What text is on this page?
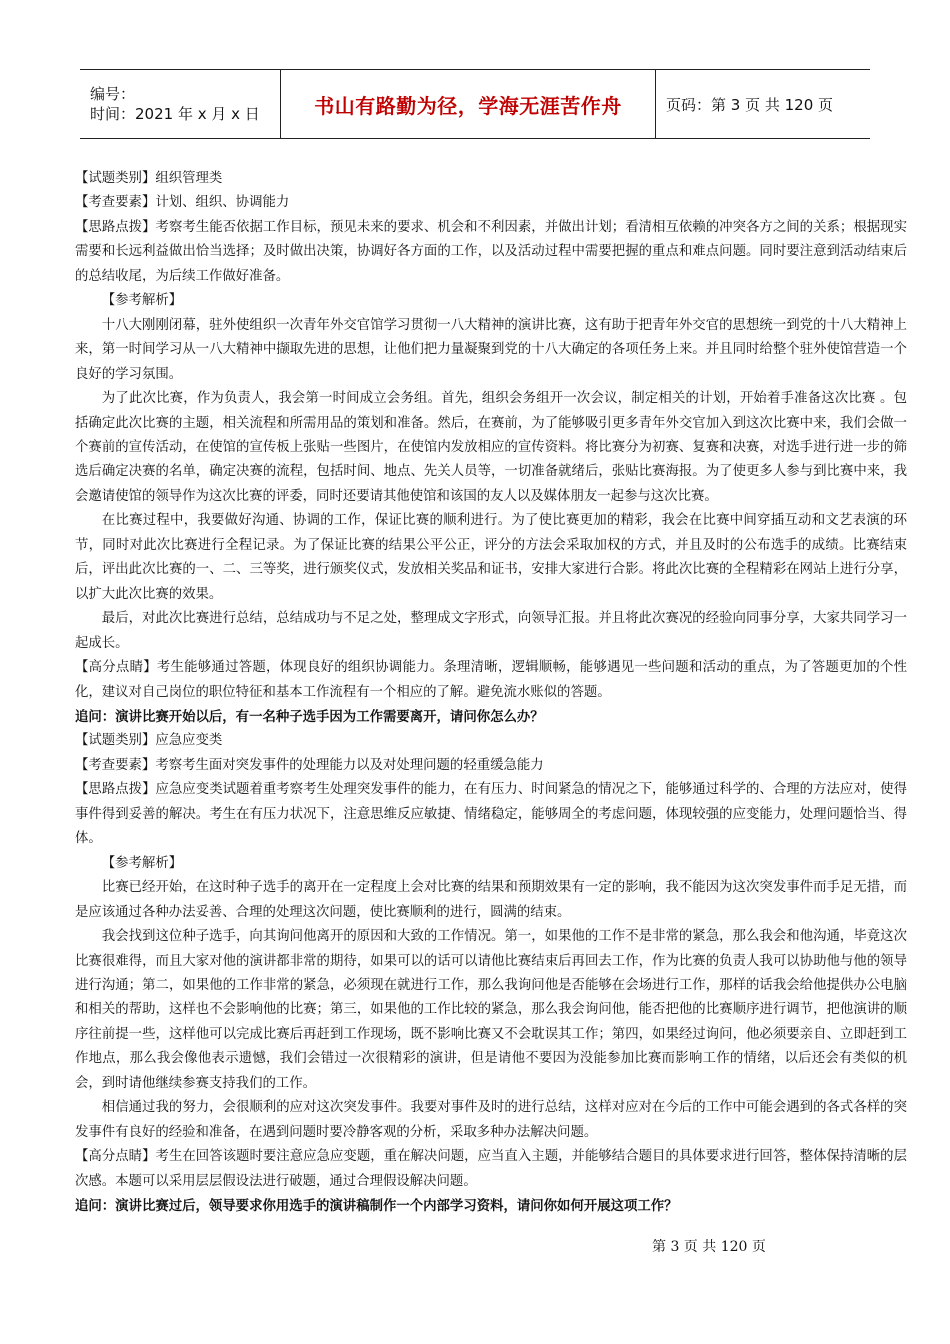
编号：
时间：2021 年 x 月 x 日	书山有路勤为径，学海无涯苦作舟	页码：第 3 页 共 120 页

【试题类别】组织管理类

【考查要素】计划、组织、协调能力

【思路点拨】考察考生能否依据工作目标，预见未来的要求、机会和不利因素，并做出计划；看清相互依赖的冲突各方之间的关系；根据现实需要和长远利益做出恰当选择；及时做出决策，协调好各方面的工作，以及活动过程中需要把握的重点和难点问题。同时要注意到活动结束后的总结收尾，为后续工作做好准备。

【参考解析】

十八大刚刚闭幕，驻外使组织一次青年外交官馆学习贯彻一八大精神的演讲比赛，这有助于把青年外交官的思想统一到党的十八大精神上来，第一时间学习从一八大精神中撷取先进的思想，让他们把力量凝聚到党的十八大确定的各项任务上来。并且同时给整个驻外使馆营造一个良好的学习氛围。

为了此次比赛，作为负责人，我会第一时间成立会务组。首先，组织会务组开一次会议，制定相关的计划，开始着手准备这次比赛 。包括确定此次比赛的主题，相关流程和所需用品的策划和准备。然后，在赛前，为了能够吸引更多青年外交官加入到这次比赛中来，我们会做一个赛前的宣传活动，在使馆的宣传板上张贴一些图片，在使馆内发放相应的宣传资料。将比赛分为初赛、复赛和决赛，对选手进行进一步的筛选后确定决赛的名单，确定决赛的流程，包括时间、地点、先关人员等，一切准备就绪后，张贴比赛海报。为了使更多人参与到比赛中来，我会邀请使馆的领导作为这次比赛的评委，同时还要请其他使馆和该国的友人以及媒体朋友一起参与这次比赛。

在比赛过程中，我要做好沟通、协调的工作，保证比赛的顺利进行。为了使比赛更加的精彩，我会在比赛中间穿插互动和文艺表演的环节，同时对此次比赛进行全程记录。为了保证比赛的结果公平公正，评分的方法会采取加权的方式，并且及时的公布选手的成绩。比赛结束后，评出此次比赛的一、二、三等奖，进行颁奖仪式，发放相关奖品和证书，安排大家进行合影。将此次比赛的全程精彩在网站上进行分享，以扩大此次比赛的效果。

最后，对此次比赛进行总结，总结成功与不足之处，整理成文字形式，向领导汇报。并且将此次赛况的经验向同事分享，大家共同学习一起成长。

【高分点睛】考生能够通过答题，体现良好的组织协调能力。条理清晰，逻辑顺畅，能够遇见一些问题和活动的重点，为了答题更加的个性化，建议对自己岗位的职位特征和基本工作流程有一个相应的了解。避免流水账似的答题。

追问：演讲比赛开始以后，有一名种子选手因为工作需要离开，请问你怎么办？

【试题类别】应急应变类

【考查要素】考察考生面对突发事件的处理能力以及对处理问题的轻重缓急能力

【思路点拨】应急应变类试题着重考察考生处理突发事件的能力，在有压力、时间紧急的情况之下，能够通过科学的、合理的方法应对，使得事件得到妥善的解决。考生在有压力状况下，注意思维反应敏捷、情绪稳定，能够周全的考虑问题，体现较强的应变能力，处理问题恰当、得体。

【参考解析】

比赛已经开始，在这时种子选手的离开在一定程度上会对比赛的结果和预期效果有一定的影响，我不能因为这次突发事件而手足无措，而是应该通过各种办法妥善、合理的处理这次问题，使比赛顺利的进行，圆满的结束。

我会找到这位种子选手，向其询问他离开的原因和大致的工作情况。第一，如果他的工作不是非常的紧急，那么我会和他沟通，毕竟这次比赛很难得，而且大家对他的演讲都非常的期待，如果可以的话可以请他比赛结束后再回去工作，作为比赛的负责人我可以协助他与他的领导进行沟通；第二，如果他的工作非常的紧急，必须现在就进行工作，那么我询问他是否能够在会场进行工作，那样的话我会给他提供办公电脑和相关的帮助，这样也不会影响他的比赛；第三，如果他的工作比较的紧急，那么我会询问他，能否把他的比赛顺序进行调节，把他演讲的顺序往前提一些，这样他可以完成比赛后再赶到工作现场，既不影响比赛又不会耽误其工作；第四，如果经过询问，他必须要亲自、立即赶到工作地点，那么我会像他表示遗憾，我们会错过一次很精彩的演讲，但是请他不要因为没能参加比赛而影响工作的情绪，以后还会有类似的机会，到时请他继续参赛支持我们的工作。

相信通过我的努力，会很顺利的应对这次突发事件。我要对事件及时的进行总结，这样对应对在今后的工作中可能会遇到的各式各样的突发事件有良好的经验和准备，在遇到问题时要冷静客观的分析，采取多种办法解决问题。

【高分点睛】考生在回答该题时要注意应急应变题，重在解决问题，应当直入主题，并能够结合题目的具体要求进行回答，整体保持清晰的层次感。本题可以采用层层假设法进行破题，通过合理假设解决问题。

追问：演讲比赛过后，领导要求你用选手的演讲稿制作一个内部学习资料，请问你如何开展这项工作？

第 3 页 共 120 页
